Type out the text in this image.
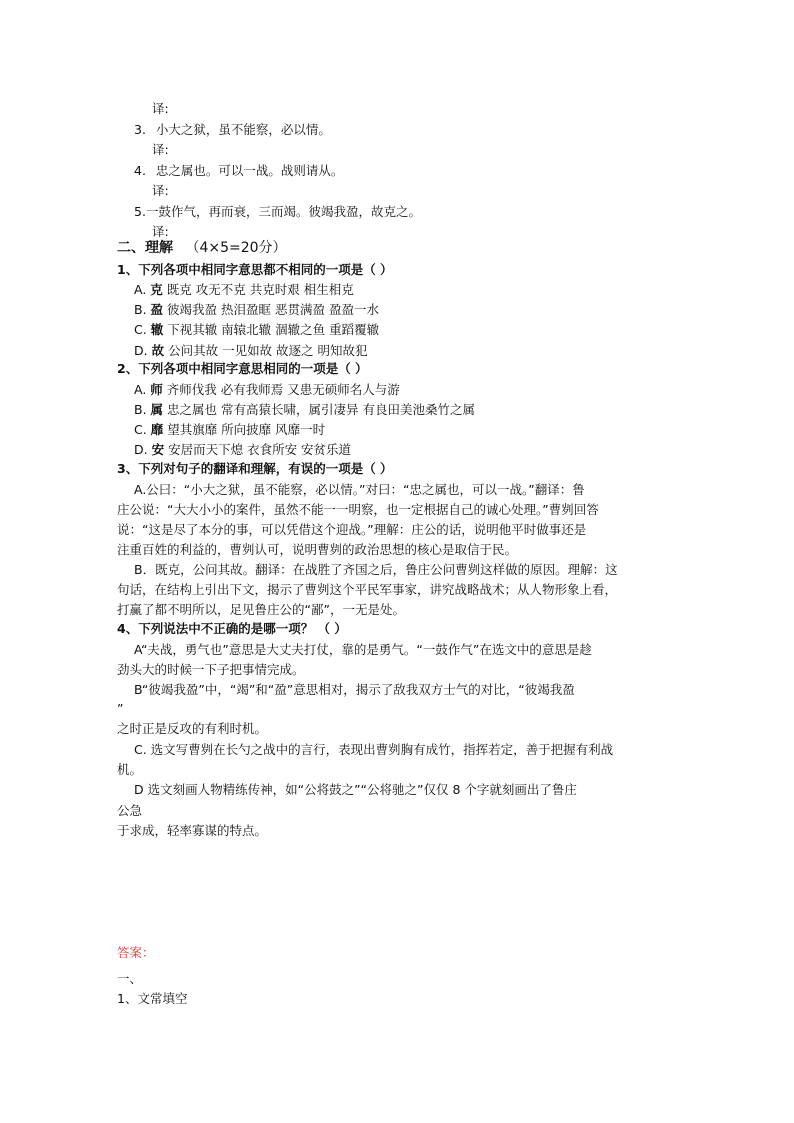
译:
3. 小大之狱，虽不能察，必以情。
译:
4. 忠之属也。可以一战。战则请从。
译:
5.一鼓作气，再而衰，三而竭。彼竭我盈，故克之。
译:
二、理解 （4×5=20分）
1、下列各项中相同字意思都不相同的一项是（ ）
A. 克 既克 攻无不克 共克时艰 相生相克
B. 盈 彼竭我盈 热泪盈眶 恶贯满盈 盈盈一水
C. 辙 下视其辙 南辕北辙 涸辙之鱼 重蹈覆辙
D. 故 公问其故 一见如故 故逐之 明知故犯
2、下列各项中相同字意思相同的一项是（ ）
A. 师 齐师伐我 必有我师焉 又患无硕师名人与游
B. 属 忠之属也 常有高猿长啸，属引凄异 有良田美池桑竹之属
C. 靡 望其旗靡 所向披靡 风靡一时
D. 安 安居而天下熄 衣食所安 安贫乐道
3、下列对句子的翻译和理解，有误的一项是（ ）
A.公曰：“小大之狱，虽不能察，必以情。”对曰：“忠之属也，可以一战。”翻译：鲁
庄公说：“大大小小的案件，虽然不能一一明察，也一定根据自己的诚心处理。”曹刿回答
说：“这是尽了本分的事，可以凭借这个迎战。”理解：庄公的话，说明他平时做事还是
注重百姓的利益的，曹刿认可，说明曹刿的政治思想的核心是取信于民。
B．既克，公问其故。翻译：在战胜了齐国之后，鲁庄公问曹刿这样做的原因。理解：这
句话，在结构上引出下文，揭示了曹刿这个平民军事家，讲究战略战术；从人物形象上看，
打赢了都不明所以，足见鲁庄公的“鄙”，一无是处。
4、下列说法中不正确的是哪一项？ （ ）
A“夫战，勇气也”意思是大丈夫打仗，靠的是勇气。“一鼓作气”在选文中的意思是趁
劲头大的时候一下子把事情完成。
B“彼竭我盈”中，“竭”和“盈”意思相对，揭示了敌我双方士气的对比，“彼竭我盈
”
之时正是反攻的有利时机。
C. 选文写曹刿在长勺之战中的言行，表现出曹刿胸有成竹，指挥若定，善于把握有利战
机。
D 选文刻画人物精练传神，如“公将鼓之”“公将驰之”仅仅 8 个字就刻画出了鲁庄
公急
于求成，轻率寡谋的特点。
答案：
一、
1、文常填空
